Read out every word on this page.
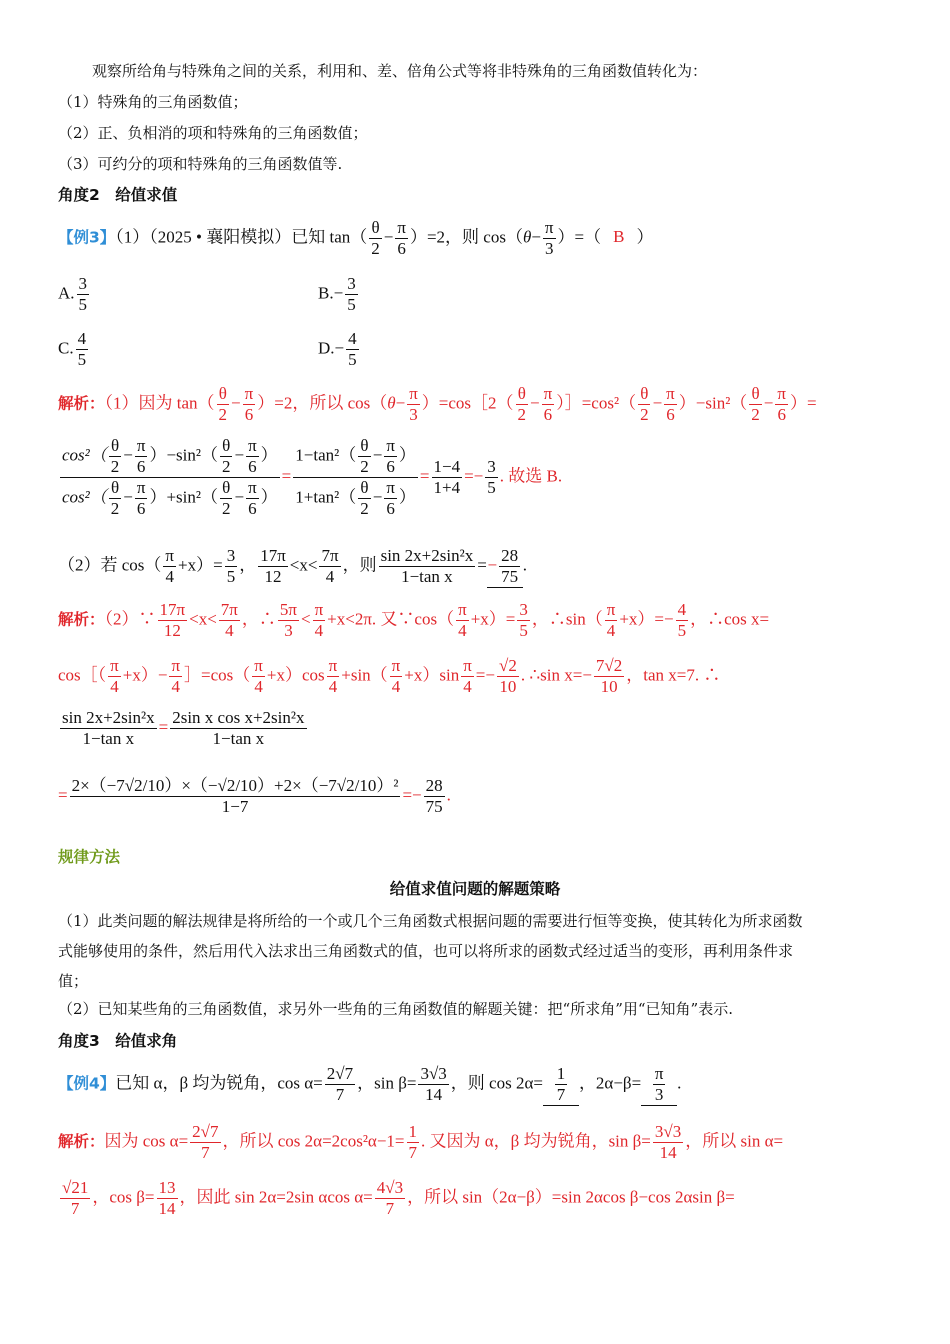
观察所给角与特殊角之间的关系，利用和、差、倍角公式等将非特殊角的三角函数值转化为：
（1）特殊角的三角函数值；
（2）正、负相消的项和特殊角的三角函数值；
（3）可约分的项和特殊角的三角函数值等.
角度2　给值求值
【例3】（1）（2025 • 襄阳模拟）已知 $\tan( \frac{\theta}{2} - \frac{\pi}{6} )=2$，则 $\cos(\theta- \frac{\pi}{3}$ ）=（ B ）
A. $\frac{3}{5}$	$B.- \frac{3}{5}$
C. $\frac{4}{5}$	$D.- \frac{4}{5}$
解析：（1）因为 $\tan( \frac{\theta}{2} - \frac{\pi}{6} )=2$，所以 $\cos(\theta- \frac{\pi}{3}$ ）=cos［2（ $\frac{\theta}{2} - \frac{\pi}{6}$ ）］=cos²（ $\frac{\theta}{2} - \frac{\pi}{6} )-\sin^2( \frac{\theta}{2} - \frac{\pi}{6}$ ）=
$\frac{\cos^2( \frac{\theta}{2} - \frac{\pi}{6} )-\sin^2( \frac{\theta}{2} - \frac{\pi}{6} )}{\cos^2( \frac{\theta}{2} - \frac{\pi}{6} )+\sin^2( \frac{\theta}{2} - \frac{\pi}{6} )} = \frac{1-\tan^2( \frac{\theta}{2} - \frac{\pi}{6} )}{1+\tan^2( \frac{\theta}{2} - \frac{\pi}{6} )} = \frac{1-4}{1+4} =- \frac{3}{5}$ . 故选 B.
（2）若 $\cos( \frac{\pi}{4} +x)= \frac{3}{5}$ ， $\frac{17\pi}{12} <x< \frac{7\pi}{4}$ ，则 $\frac{\text{sin 2x+2sin²x}}{\text{1−tan x}} =- \frac{28}{75}$ .
解析：（2）∵ $\frac{17\pi}{12} <x< \frac{7\pi}{4}$ ，∴ $\frac{5\pi}{3} < \frac{\pi}{4} +x<2\pi$. 又∵cos（ $\frac{\pi}{4} +x)= \frac{3}{5}$ ，∴sin（ $\frac{\pi}{4} +x)=- \frac{4}{5}$ ，∴cos x=
cos［（ $\frac{\pi}{4} +x)- \frac{\pi}{4}$ ］=cos（ $\frac{\pi}{4} +x)\cos \frac{\pi}{4} +\sin( \frac{\pi}{4} +x)\sin \frac{\pi}{4} =- \frac{√2}{10}$ . ∴sin $x=- \frac{7√2}{10}$ ，tan x=7. ∴
$\frac{\text{sin 2x+2sin²x}}{\text{1−tan x}} = \frac{\text{2sin x cos x+2sin²x}}{\text{1−tan x}}$
= $\frac{\text{2×（−7√2/10）×（−√2/10）+2×（−7√2/10）²}}{1-7} =- \frac{28}{75}$ .
规律方法
给值求值问题的解题策略
（1）此类问题的解法规律是将所给的一个或几个三角函数式根据问题的需要进行恒等变换，使其转化为所求函数
式能够使用的条件，然后用代入法求出三角函数式的值，也可以将所求的函数式经过适当的变形，再利用条件求
值；
（2）已知某些角的三角函数值，求另外一些角的三角函数值的解题关键：把“所求角”用“已知角”表示.
角度3　给值求角
【例4】已知 α，β 均为锐角，$\cos \alpha= \frac{2√7}{7}$ ，$\sin \beta= \frac{3√3}{14}$ ，则 $\cos 2\alpha= \frac{1}{7}$ ，$2\alpha-\beta= \frac{\pi}{3}$ .
解析：因为 $\cos \alpha= \frac{2√7}{7}$ ，所以 $\cos 2\alpha=2\cos^2\alpha-1= \frac{1}{7}$ . 又因为 α，β 均为锐角，$\sin \beta= \frac{3√3}{14}$ ，所以 sin α=
$\frac{√21}{7}$ ，$\cos \beta= \frac{13}{14}$ ，因此 sin 2α=2sin αcos $\alpha= \frac{4√3}{7}$ ，所以 sin（2α−β）=sin 2αcos β−cos 2αsin β=
